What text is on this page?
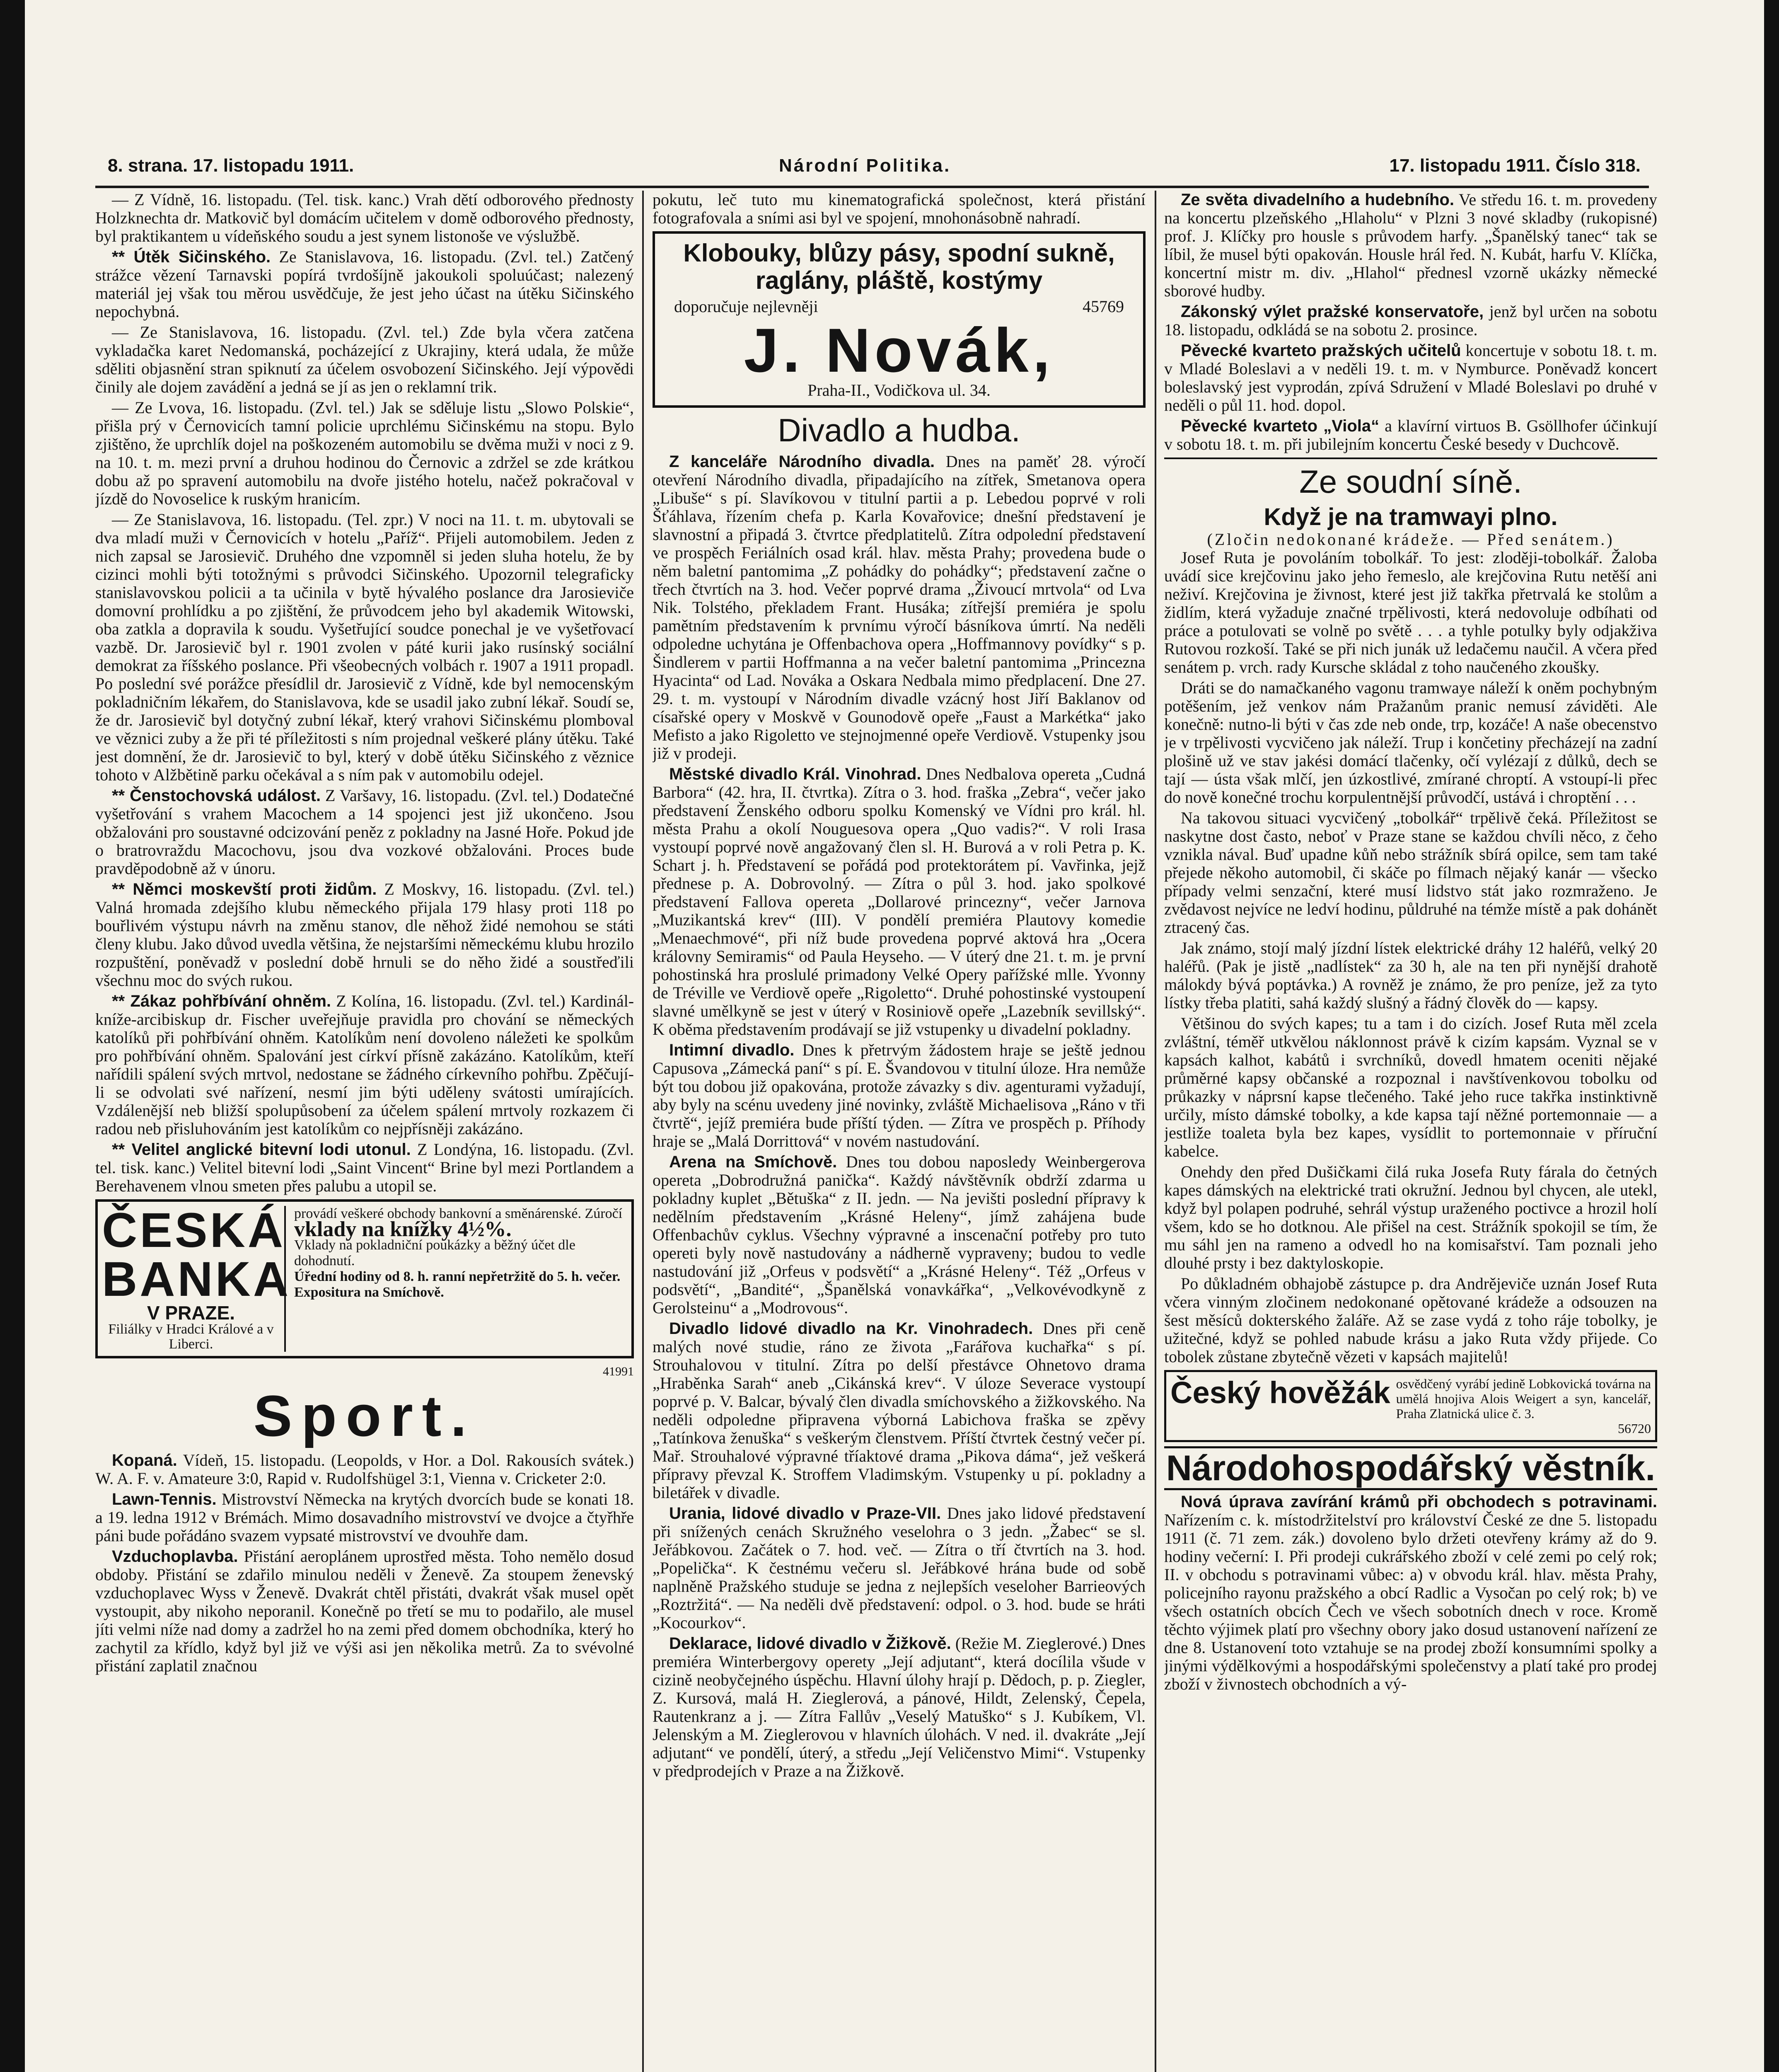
8. strana. 17. listopadu 1911.	Národní Politika.	17. listopadu 1911. Číslo 318.

— Z Vídně, 16. listopadu. (Tel. tisk. kanc.) Vrah dětí odborového přednosty Holzknechta dr. Matkovič byl domácím učitelem v domě odborového přednosty, byl praktikantem u vídeňského soudu a jest synem listonoše ve výslužbě.

** Útěk Sičinského. Ze Stanislavova, 16. listopadu. (Zvl. tel.) Zatčený strážce vězení Tarnavski popírá tvrdošíjně jakoukoli spoluúčast; nalezený materiál jej však tou měrou usvědčuje, že jest jeho účast na útěku Sičinského nepochybná.

— Ze Stanislavova, 16. listopadu. (Zvl. tel.) Zde byla včera zatčena vykladačka karet Nedomanská, pocházející z Ukrajiny, která udala, že může sděliti objasnění stran spiknutí za účelem osvobození Sičinského. Její výpovědi činily ale dojem zavádění a jedná se jí as jen o reklamní trik.

— Ze Lvova, 16. listopadu. (Zvl. tel.) Jak se sděluje listu „Slowo Polskie“, přišla prý v Černovicích tamní policie uprchlému Sičinskému na stopu. Bylo zjištěno, že uprchlík dojel na poškozeném automobilu se dvěma muži v noci z 9. na 10. t. m. mezi první a druhou hodinou do Černovic a zdržel se zde krátkou dobu až po spravení automobilu na dvoře jistého hotelu, načež pokračoval v jízdě do Novoselice k ruským hranicím.

— Ze Stanislavova, 16. listopadu. (Tel. zpr.) V noci na 11. t. m. ubytovali se dva mladí muži v Černovicích v hotelu „Paříž“. Přijeli automobilem. Jeden z nich zapsal se Jarosievič. Druhého dne vzpomněl si jeden sluha hotelu, že by cizinci mohli býti totožnými s průvodci Sičinského. Upozornil telegraficky stanislavovskou policii a ta učinila v bytě hývalého poslance dra Jarosieviče domovní prohlídku a po zjištění, že průvodcem jeho byl akademik Witowski, oba zatkla a dopravila k soudu. Vyšetřující soudce ponechal je ve vyšetřovací vazbě. Dr. Jarosievič byl r. 1901 zvolen v páté kurii jako rusínský sociální demokrat za říšského poslance. Při všeobecných volbách r. 1907 a 1911 propadl. Po poslední své porážce přesídlil dr. Jarosievič z Vídně, kde byl nemocenským pokladničním lékařem, do Stanislavova, kde se usadil jako zubní lékař. Soudí se, že dr. Jarosievič byl dotyčný zubní lékař, který vrahovi Sičinskému plomboval ve věznici zuby a že při té příležitosti s ním projednal veškeré plány útěku. Také jest domnění, že dr. Jarosievič to byl, který v době útěku Sičinského z věznice tohoto v Alžbětině parku očekával a s ním pak v automobilu odejel.

** Čenstochovská událost. Z Varšavy, 16. listopadu. (Zvl. tel.) Dodatečné vyšetřování s vrahem Macochem a 14 spojenci jest již ukončeno. Jsou obžalováni pro soustavné odcizování peněz z pokladny na Jasné Hoře. Pokud jde o bratrovraždu Macochovu, jsou dva vozkové obžalováni. Proces bude pravděpodobně až v únoru.

** Němci moskevští proti židům. Z Moskvy, 16. listopadu. (Zvl. tel.) Valná hromada zdejšího klubu německého přijala 179 hlasy proti 118 po bouřlivém výstupu návrh na změnu stanov, dle něhož židé nemohou se státi členy klubu. Jako důvod uvedla většina, že nejstaršími německému klubu hrozilo rozpuštění, poněvadž v poslední době hrnuli se do něho židé a soustřeďili všechnu moc do svých rukou.

** Zákaz pohřbívání ohněm. Z Kolína, 16. listopadu. (Zvl. tel.) Kardinál-kníže-arcibiskup dr. Fischer uveřejňuje pravidla pro chování se německých katolíků při pohřbívání ohněm. Katolíkům není dovoleno náležeti ke spolkům pro pohřbívání ohněm. Spalování jest církví přísně zakázáno. Katolíkům, kteří nařídili spálení svých mrtvol, nedostane se žádného církevního pohřbu. Zpěčují-li se odvolati své nařízení, nesmí jim býti uděleny svátosti umírajících. Vzdálenější neb bližší spolupůsobení za účelem spálení mrtvoly rozkazem či radou neb přisluhováním jest katolíkům co nejpřísněji zakázáno.

** Velitel anglické bitevní lodi utonul. Z Londýna, 16. listopadu. (Zvl. tel. tisk. kanc.) Velitel bitevní lodi „Saint Vincent“ Brine byl mezi Portlandem a Berehavenem vlnou smeten přes palubu a utopil se.

ČESKÁ BANKA
V PRAZE.
Filiálky v Hradci Králové a v Liberci.
provádí veškeré obchody bankovní a směnárenské. Zúročí
vklady na knížky 4½%.
Vklady na pokladniční poukázky a běžný účet dle dohodnutí.
Úřední hodiny od 8. h. ranní nepřetržitě do 5. h. večer.
Expositura na Smíchově.
41991
Sport.

Kopaná. Vídeň, 15. listopadu. (Leopolds, v Hor. a Dol. Rakousích svátek.) W. A. F. v. Amateure 3:0, Rapid v. Rudolfshügel 3:1, Vienna v. Cricketer 2:0.

Lawn-Tennis. Mistrovství Německa na krytých dvorcích bude se konati 18. a 19. ledna 1912 v Brémách. Mimo dosavadního mistrovství ve dvojce a čtyřhře páni bude pořádáno svazem vypsaté mistrovství ve dvouhře dam.

Vzduchoplavba. Přistání aeroplánem uprostřed města. Toho nemělo dosud obdoby. Přistání se zdařilo minulou neděli v Ženevě. Za stoupem ženevský vzduchoplavec Wyss v Ženevě. Dvakrát chtěl přistáti, dvakrát však musel opět vystoupit, aby nikoho neporanil. Konečně po třetí se mu to podařilo, ale musel jíti velmi níže nad domy a zadržel ho na zemi před domem obchodníka, který ho zachytil za křídlo, když byl již ve výši asi jen několika metrů. Za to svévolné přistání zaplatil značnou

pokutu, leč tuto mu kinematografická společnost, která přistání fotografovala a sními asi byl ve spojení, mnohonásobně nahradí.

Klobouky, blůzy pásy, spodní sukně, raglány, pláště, kostýmy
doporučuje nejlevněji	45769
J. Novák,
Praha-II., Vodičkova ul. 34.
Divadlo a hudba.

Z kanceláře Národního divadla. Dnes na paměť 28. výročí otevření Národního divadla, připadajícího na zítřek, Smetanova opera „Libuše“ s pí. Slavíkovou v titulní partii a p. Lebedou poprvé v roli Šťáhlava, řízením chefa p. Karla Kovařovice; dnešní představení je slavnostní a připadá 3. čtvrtce předplatitelů. Zítra odpolední představení ve prospěch Feriálních osad král. hlav. města Prahy; provedena bude o něm baletní pantomima „Z pohádky do pohádky“; představení začne o třech čtvrtích na 3. hod. Večer poprvé drama „Živoucí mrtvola“ od Lva Nik. Tolstého, překladem Frant. Husáka; zítřejší premiéra je spolu pamětním představením k prvnímu výročí básníkova úmrtí. Na neděli odpoledne uchytána je Offenbachova opera „Hoffmannovy povídky“ s p. Šindlerem v partii Hoffmanna a na večer baletní pantomima „Princezna Hyacinta“ od Lad. Nováka a Oskara Nedbala mimo předplacení. Dne 27. 29. t. m. vystoupí v Národním divadle vzácný host Jiří Baklanov od císařské opery v Moskvě v Gounodově opeře „Faust a Markétka“ jako Mefisto a jako Rigoletto ve stejnojmenné opeře Verdiově. Vstupenky jsou již v prodeji.

Městské divadlo Král. Vinohrad. Dnes Nedbalova opereta „Cudná Barbora“ (42. hra, II. čtvrtka). Zítra o 3. hod. fraška „Zebra“, večer jako představení Ženského odboru spolku Komenský ve Vídni pro král. hl. města Prahu a okolí Nouguesova opera „Quo vadis?“. V roli Irasa vystoupí poprvé nově angažovaný člen sl. H. Burová a v roli Petra p. K. Schart j. h. Představení se pořádá pod protektorátem pí. Vavřinka, jejž přednese p. A. Dobrovolný. — Zítra o půl 3. hod. jako spolkové představení Fallova opereta „Dollarové princezny“, večer Jarnova „Muzikantská krev“ (III). V pondělí premiéra Plautovy komedie „Menaechmové“, při níž bude provedena poprvé aktová hra „Ocera královny Semiramis“ od Paula Heyseho. — V úterý dne 21. t. m. je první pohostinská hra proslulé primadony Velké Opery pařížské mlle. Yvonny de Tréville ve Verdiově opeře „Rigoletto“. Druhé pohostinské vystoupení slavné umělkyně se jest v úterý v Rosiniově opeře „Lazebník sevillský“. K oběma představením prodávají se již vstupenky u divadelní pokladny.

Intimní divadlo. Dnes k přetrvým žádostem hraje se ještě jednou Capusova „Zámecká paní“ s pí. E. Švandovou v titulní úloze. Hra nemůže být tou dobou již opakována, protože závazky s div. agenturami vyžadují, aby byly na scénu uvedeny jiné novinky, zvláště Michaelisova „Ráno v tři čtvrtě“, jejíž premiéra bude příští týden. — Zítra ve prospěch p. Příhody hraje se „Malá Dorrittová“ v novém nastudování.

Arena na Smíchově. Dnes tou dobou naposledy Weinbergerova opereta „Dobrodružná panička“. Každý návštěvník obdrží zdarma u pokladny kuplet „Bětuška“ z II. jedn. — Na jevišti poslední přípravy k nedělním představením „Krásné Heleny“, jímž zahájena bude Offenbachův cyklus. Všechny výpravné a inscenační potřeby pro tuto opereti byly nově nastudovány a nádherně vypraveny; budou to vedle nastudování již „Orfeus v podsvětí“ a „Krásné Heleny“. Též „Orfeus v podsvětí“, „Bandité“, „Španělská vonavkářka“, „Velkovévodkyně z Gerolsteinu“ a „Modrovous“.

Divadlo lidové divadlo na Kr. Vinohradech. Dnes při ceně malých nové studie, ráno ze života „Farářova kuchařka“ s pí. Strouhalovou v titulní. Zítra po delší přestávce Ohnetovo drama „Hraběnka Sarah“ aneb „Cikánská krev“. V úloze Severace vystoupí poprvé p. V. Balcar, bývalý člen divadla smíchovského a žižkovského. Na neděli odpoledne připravena výborná Labichova fraška se zpěvy „Tatínkova ženuška“ s veškerým členstvem. Příští čtvrtek čestný večer pí. Mař. Strouhalové výpravné tříaktové drama „Pikova dáma“, jež veškerá přípravy převzal K. Stroffem Vladimským. Vstupenky u pí. pokladny a biletářek v divadle.

Urania, lidové divadlo v Praze-VII. Dnes jako lidové představení při snížených cenách Skružného veselohra o 3 jedn. „Žabec“ se sl. Jeřábkovou. Začátek o 7. hod. več. — Zítra o tří čtvrtích na 3. hod. „Popelička“. K čestnému večeru sl. Jeřábkové hrána bude od sobě naplněně Pražského studuje se jedna z nejlepších veseloher Barrieových „Roztržitá“. — Na neděli dvě představení: odpol. o 3. hod. bude se hráti „Kocourkov“.

Deklarace, lidové divadlo v Žižkově. (Režie M. Zieglerové.) Dnes premiéra Winterbergovy operety „Její adjutant“, která docílila všude v cizině neobyčejného úspěchu. Hlavní úlohy hrají p. Dědoch, p. p. Ziegler, Z. Kursová, malá H. Zieglerová, a pánové, Hildt, Zelenský, Čepela, Rautenkranz a j. — Zítra Fallův „Veselý Matuško“ s J. Kubíkem, Vl. Jelenským a M. Zieglerovou v hlavních úlohách. V ned. il. dvakráte „Její adjutant“ ve pondělí, úterý, a středu „Její Veličenstvo Mimi“. Vstupenky v předprodejích v Praze a na Žižkově.

Ze světa divadelního a hudebního. Ve středu 16. t. m. provedeny na koncertu plzeňského „Hlaholu“ v Plzni 3 nové skladby (rukopisné) prof. J. Klíčky pro housle s průvodem harfy. „Španělský tanec“ tak se líbil, že musel býti opakován. Housle hrál řed. N. Kubát, harfu V. Klíčka, koncertní mistr m. div. „Hlahol“ přednesl vzorně ukázky německé sborové hudby.

Zákonský výlet pražské konservatoře, jenž byl určen na sobotu 18. listopadu, odkládá se na sobotu 2. prosince.

Pěvecké kvarteto pražských učitelů koncertuje v sobotu 18. t. m. v Mladé Boleslavi a v neděli 19. t. m. v Nymburce. Poněvadž koncert boleslavský jest vyprodán, zpívá Sdružení v Mladé Boleslavi po druhé v neděli o půl 11. hod. dopol.

Pěvecké kvarteto „Viola“ a klavírní virtuos B. Gsöllhofer účinkují v sobotu 18. t. m. při jubilejním koncertu České besedy v Duchcově.

Ze soudní síně.
Když je na tramwayi plno.
(Zločin nedokonané krádeže. — Před senátem.)

Josef Ruta je povoláním tobolkář. To jest: zloději-tobolkář. Žaloba uvádí sice krejčovinu jako jeho řemeslo, ale krejčovina Rutu netěší ani neživí. Krejčovina je živnost, které jest již takřka přetrvalá ke stolům a židlím, která vyžaduje značné trpělivosti, která nedovoluje odbíhati od práce a potulovati se volně po světě . . . a tyhle potulky byly odjakživa Rutovou rozkoší. Také se při nich junák už ledačemu naučil. A včera před senátem p. vrch. rady Kursche skládal z toho naučeného zkoušky.

Dráti se do namačkaného vagonu tramwaye náleží k oněm pochybným potěšením, jež venkov nám Pražanům pranic nemusí záviděti. Ale konečně: nutno-li býti v čas zde neb onde, trp, kozáče! A naše obecenstvo je v trpělivosti vycvičeno jak náleží. Trup i končetiny přecházejí na zadní plošině už ve stav jakési domácí tlačenky, očí vylézají z důlků, dech se tají — ústa však mlčí, jen úzkostlivé, zmírané chroptí. A vstoupí-li přec do nově konečné trochu korpulentnější průvodčí, ustává i chroptění . . .

Na takovou situaci vycvičený „tobolkář“ trpělivě čeká. Příležitost se naskytne dost často, neboť v Praze stane se každou chvíli něco, z čeho vznikla nával. Buď upadne kůň nebo strážník sbírá opilce, sem tam také přejede někoho automobil, či skáče po fílmach nějaký kanár — všecko případy velmi senzační, které musí lidstvo stát jako rozmraženo. Je zvědavost nejvíce ne ledví hodinu, půldruhé na témže místě a pak dohánět ztracený čas.

Jak známo, stojí malý jízdní lístek elektrické dráhy 12 haléřů, velký 20 haléřů. (Pak je jistě „nadlístek“ za 30 h, ale na ten při nynější drahotě málokdy bývá poptávka.) A rovněž je známo, že pro peníze, jež za tyto lístky třeba platiti, sahá každý slušný a řádný člověk do — kapsy.

Většinou do svých kapes; tu a tam i do cizích. Josef Ruta měl zcela zvláštní, téměř utkvělou náklonnost právě k cizím kapsám. Vyznal se v kapsách kalhot, kabátů i svrchníků, dovedl hmatem oceniti nějaké průměrné kapsy občanské a rozpoznal i navštívenkovou tobolku od průkazky v náprsní kapse tlečeného. Také jeho ruce takřka instinktivně určily, místo dámské tobolky, a kde kapsa tají něžné portemonnaie — a jestliže toaleta byla bez kapes, vysídlit to portemonnaie v příruční kabelce.

Onehdy den před Dušičkami čilá ruka Josefa Ruty fárala do četných kapes dámských na elektrické trati okružní. Jednou byl chycen, ale utekl, když byl polapen podruhé, sehrál výstup uraženého poctivce a hrozil holí všem, kdo se ho dotknou. Ale přišel na cest. Strážník spokojil se tím, že mu sáhl jen na rameno a odvedl ho na komisařství. Tam poznali jeho dlouhé prsty i bez daktyloskopie.

Po důkladném obhajobě zástupce p. dra Andrějeviče uznán Josef Ruta včera vinným zločinem nedokonané opětované krádeže a odsouzen na šest měsíců dokterského žaláře. Až se zase vydá z toho ráje tobolky, je užitečné, když se pohled nabude krásu a jako Ruta vždy přijede. Co tobolek zůstane zbytečně vězeti v kapsách majitelů!

Český hověžák osvědčený vyrábí jedině Lobkovická továrna na umělá hnojiva Alois Weigert a syn, kancelář, Praha Zlatnická ulice č. 3.
56720
Národohospodářský věstník.

Nová úprava zavírání krámů při obchodech s potravinami. Nařízením c. k. místodržitelství pro království České ze dne 5. listopadu 1911 (č. 71 zem. zák.) dovoleno bylo držeti otevřeny krámy až do 9. hodiny večerní: I. Při prodeji cukrářského zboží v celé zemi po celý rok; II. v obchodu s potravinami vůbec: a) v obvodu král. hlav. města Prahy, policejního rayonu pražského a obcí Radlic a Vysočan po celý rok; b) ve všech ostatních obcích Čech ve všech sobotních dnech v roce. Kromě těchto výjimek platí pro všechny obory jako dosud ustanovení nařízení ze dne 8. Ustanovení toto vztahuje se na prodej zboží konsumními spolky a jinými výdělkovými a hospodářskými společenstvy a platí také pro prodej zboží v živnostech obchodních a vý-
